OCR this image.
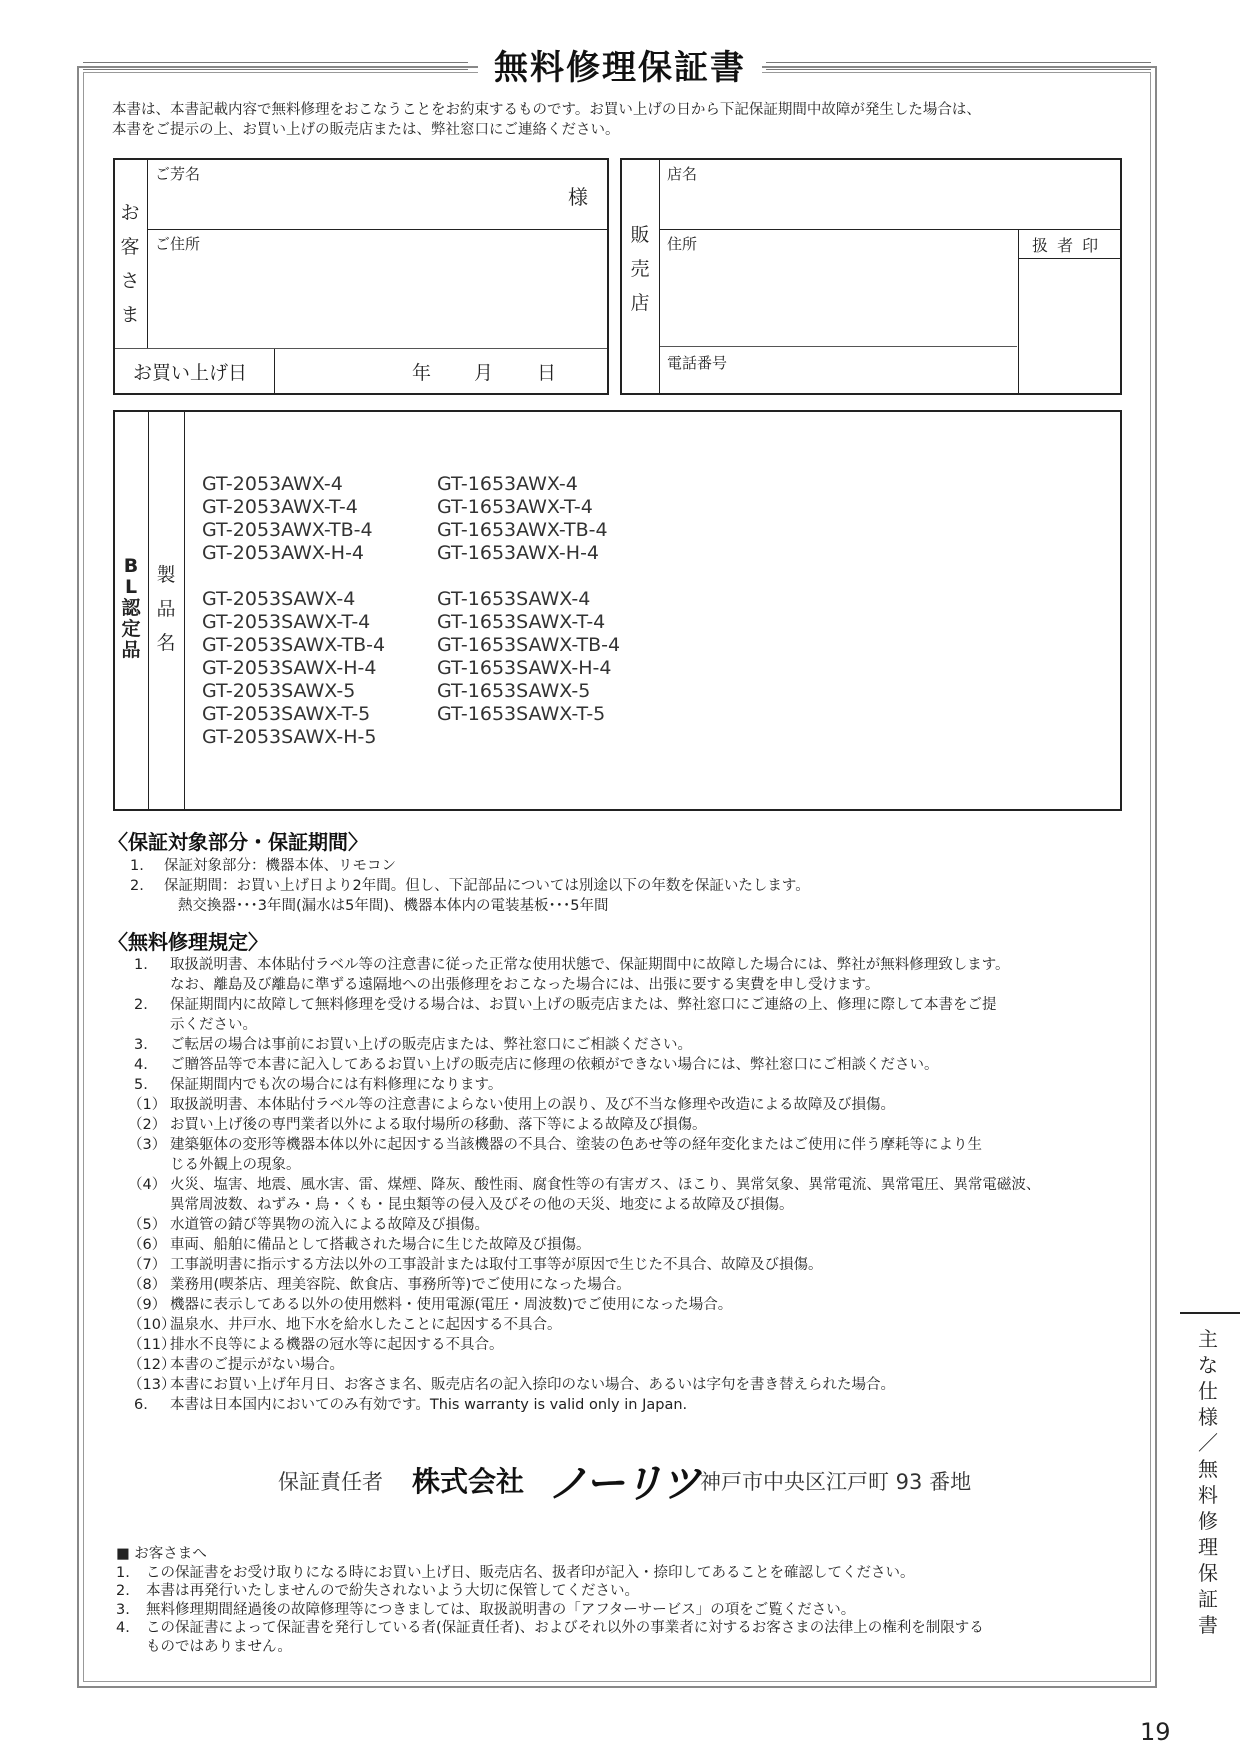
無料修理保証書
本書は、本書記載内容で無料修理をおこなうことをお約束するものです。お買い上げの日から下記保証期間中故障が発生した場合は、
本書をご提示の上、お買い上げの販売店または、弊社窓口にご連絡ください。
お
客
さ
ま
ご芳名
様
ご住所
お買い上げ日	年 月 日
販
売
店
店名
住所	扱 者 印
電話番号
B
L
認
定
品
製
品
名
GT-2053AWX-4
GT-2053AWX-T-4
GT-2053AWX-TB-4
GT-2053AWX-H-4
GT-2053SAWX-4
GT-2053SAWX-T-4
GT-2053SAWX-TB-4
GT-2053SAWX-H-4
GT-2053SAWX-5
GT-2053SAWX-T-5
GT-2053SAWX-H-5
GT-1653AWX-4
GT-1653AWX-T-4
GT-1653AWX-TB-4
GT-1653AWX-H-4
GT-1653SAWX-4
GT-1653SAWX-T-4
GT-1653SAWX-TB-4
GT-1653SAWX-H-4
GT-1653SAWX-5
GT-1653SAWX-T-5
〈保証対象部分・保証期間〉
1. 保証対象部分：機器本体、リモコン
2. 保証期間：お買い上げ日より2年間。但し、下記部品については別途以下の年数を保証いたします。
熱交換器･･･3年間(漏水は5年間)、機器本体内の電装基板･･･5年間
〈無料修理規定〉
1. 取扱説明書、本体貼付ラベル等の注意書に従った正常な使用状態で、保証期間中に故障した場合には、弊社が無料修理致します。
なお、離島及び離島に準ずる遠隔地への出張修理をおこなった場合には、出張に要する実費を申し受けます。
2. 保証期間内に故障して無料修理を受ける場合は、お買い上げの販売店または、弊社窓口にご連絡の上、修理に際して本書をご提
示ください。
3. ご転居の場合は事前にお買い上げの販売店または、弊社窓口にご相談ください。
4. ご贈答品等で本書に記入してあるお買い上げの販売店に修理の依頼ができない場合には、弊社窓口にご相談ください。
5. 保証期間内でも次の場合には有料修理になります。
（1） 取扱説明書、本体貼付ラベル等の注意書によらない使用上の誤り、及び不当な修理や改造による故障及び損傷。
（2） お買い上げ後の専門業者以外による取付場所の移動、落下等による故障及び損傷。
（3） 建築躯体の変形等機器本体以外に起因する当該機器の不具合、塗装の色あせ等の経年変化またはご使用に伴う摩耗等により生
じる外観上の現象。
（4） 火災、塩害、地震、風水害、雷、煤煙、降灰、酸性雨、腐食性等の有害ガス、ほこり、異常気象、異常電流、異常電圧、異常電磁波、
異常周波数、ねずみ・鳥・くも・昆虫類等の侵入及びその他の天災、地変による故障及び損傷。
（5） 水道管の錆び等異物の流入による故障及び損傷。
（6） 車両、船舶に備品として搭載された場合に生じた故障及び損傷。
（7） 工事説明書に指示する方法以外の工事設計または取付工事等が原因で生じた不具合、故障及び損傷。
（8） 業務用(喫茶店、理美容院、飲食店、事務所等)でご使用になった場合。
（9） 機器に表示してある以外の使用燃料・使用電源(電圧・周波数)でご使用になった場合。
（10）温泉水、井戸水、地下水を給水したことに起因する不具合。
（11）排水不良等による機器の冠水等に起因する不具合。
（12）本書のご提示がない場合。
（13）本書にお買い上げ年月日、お客さま名、販売店名の記入捺印のない場合、あるいは字句を書き替えられた場合。
6. 本書は日本国内においてのみ有効です。This warranty is valid only in Japan.
保証責任者 株式会社 ノーリツ 神戸市中央区江戸町 93 番地
■ お客さまへ
1. この保証書をお受け取りになる時にお買い上げ日、販売店名、扱者印が記入・捺印してあることを確認してください。
2. 本書は再発行いたしませんので紛失されないよう大切に保管してください。
3. 無料修理期間経過後の故障修理等につきましては、取扱説明書の「アフターサービス」の項をご覧ください。
4. この保証書によって保証書を発行している者(保証責任者)、およびそれ以外の事業者に対するお客さまの法律上の権利を制限する
ものではありません。
主
な
仕
様
／
無
料
修
理
保
証
書
19
